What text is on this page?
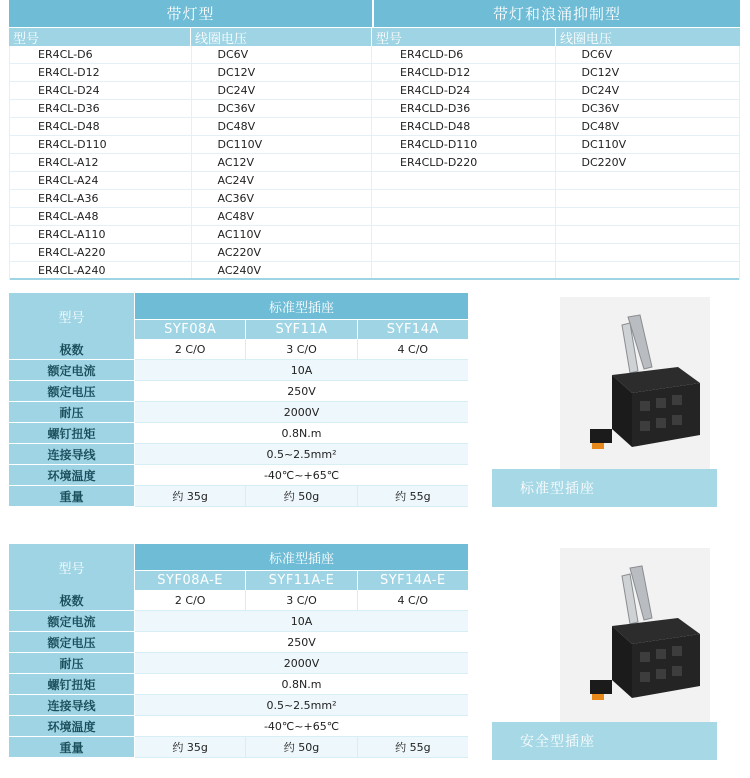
带灯型	带灯和浪涌抑制型
型号	线圈电压	型号	线圈电压
ER4CL-D6	DC6V	ER4CLD-D6	DC6V
ER4CL-D12	DC12V	ER4CLD-D12	DC12V
ER4CL-D24	DC24V	ER4CLD-D24	DC24V
ER4CL-D36	DC36V	ER4CLD-D36	DC36V
ER4CL-D48	DC48V	ER4CLD-D48	DC48V
ER4CL-D110	DC110V	ER4CLD-D110	DC110V
ER4CL-A12	AC12V	ER4CLD-D220	DC220V
ER4CL-A24	AC24V
ER4CL-A36	AC36V
ER4CL-A48	AC48V
ER4CL-A110	AC110V
ER4CL-A220	AC220V
ER4CL-A240	AC240V
型号
标准型插座
SYF08A	SYF11A	SYF14A
极数	2 C/O	3 C/O	4 C/O
额定电流	10A
额定电压	250V
耐压	2000V
螺钉扭矩	0.8N.m
连接导线	0.5~2.5mm²
环境温度	-40℃~+65℃
重量	约 35g	约 50g	约 55g
型号
标准型插座
SYF08A-E	SYF11A-E	SYF14A-E
极数	2 C/O	3 C/O	4 C/O
额定电流	10A
额定电压	250V
耐压	2000V
螺钉扭矩	0.8N.m
连接导线	0.5~2.5mm²
环境温度	-40℃~+65℃
重量	约 35g	约 50g	约 55g
标准型插座
安全型插座
